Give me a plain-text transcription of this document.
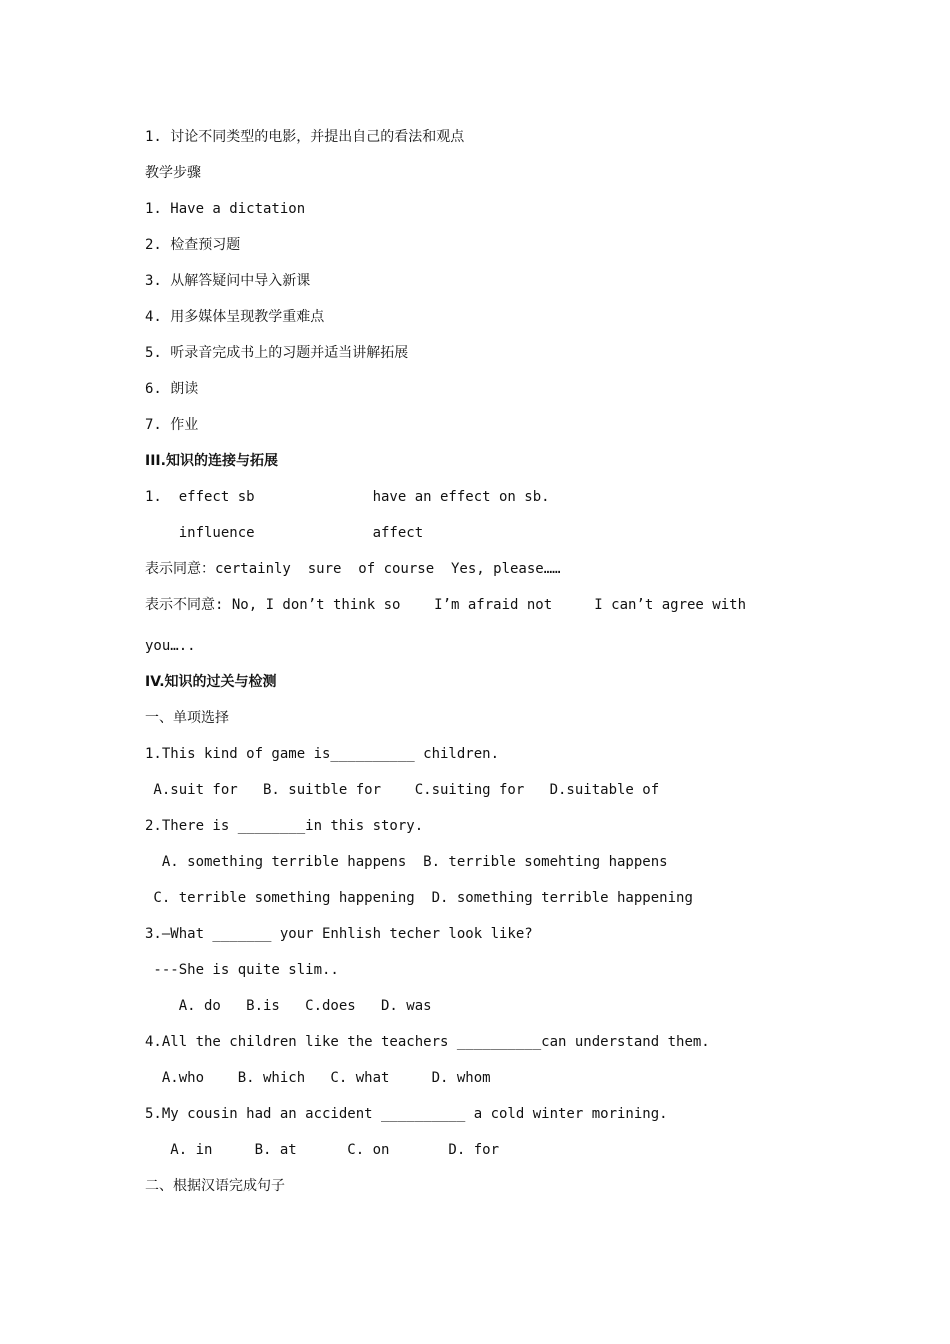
1. 讨论不同类型的电影，并提出自己的看法和观点
教学步骤
1. Have a dictation
2. 检查预习题
3. 从解答疑问中导入新课
4. 用多媒体呈现教学重难点
5. 听录音完成书上的习题并适当讲解拓展
6. 朗读
7. 作业
III.知识的连接与拓展
1.  effect sb              have an effect on sb.
influence              affect
表示同意：certainly  sure  of course  Yes, please……
表示不同意: No, I don’t think so    I’m afraid not     I can’t agree with
you…..
IV.知识的过关与检测
一、单项选择
1.This kind of game is__________ children.
A.suit for   B. suitble for    C.suiting for   D.suitable of
2.There is ________in this story.
A. something terrible happens  B. terrible somehting happens
C. terrible something happening  D. something terrible happening
3.—What _______ your Enhlish techer look like?
---She is quite slim..
A. do   B.is   C.does   D. was
4.All the children like the teachers __________can understand them.
A.who    B. which   C. what     D. whom
5.My cousin had an accident __________ a cold winter morining.
A. in     B. at      C. on       D. for
二、根据汉语完成句子
